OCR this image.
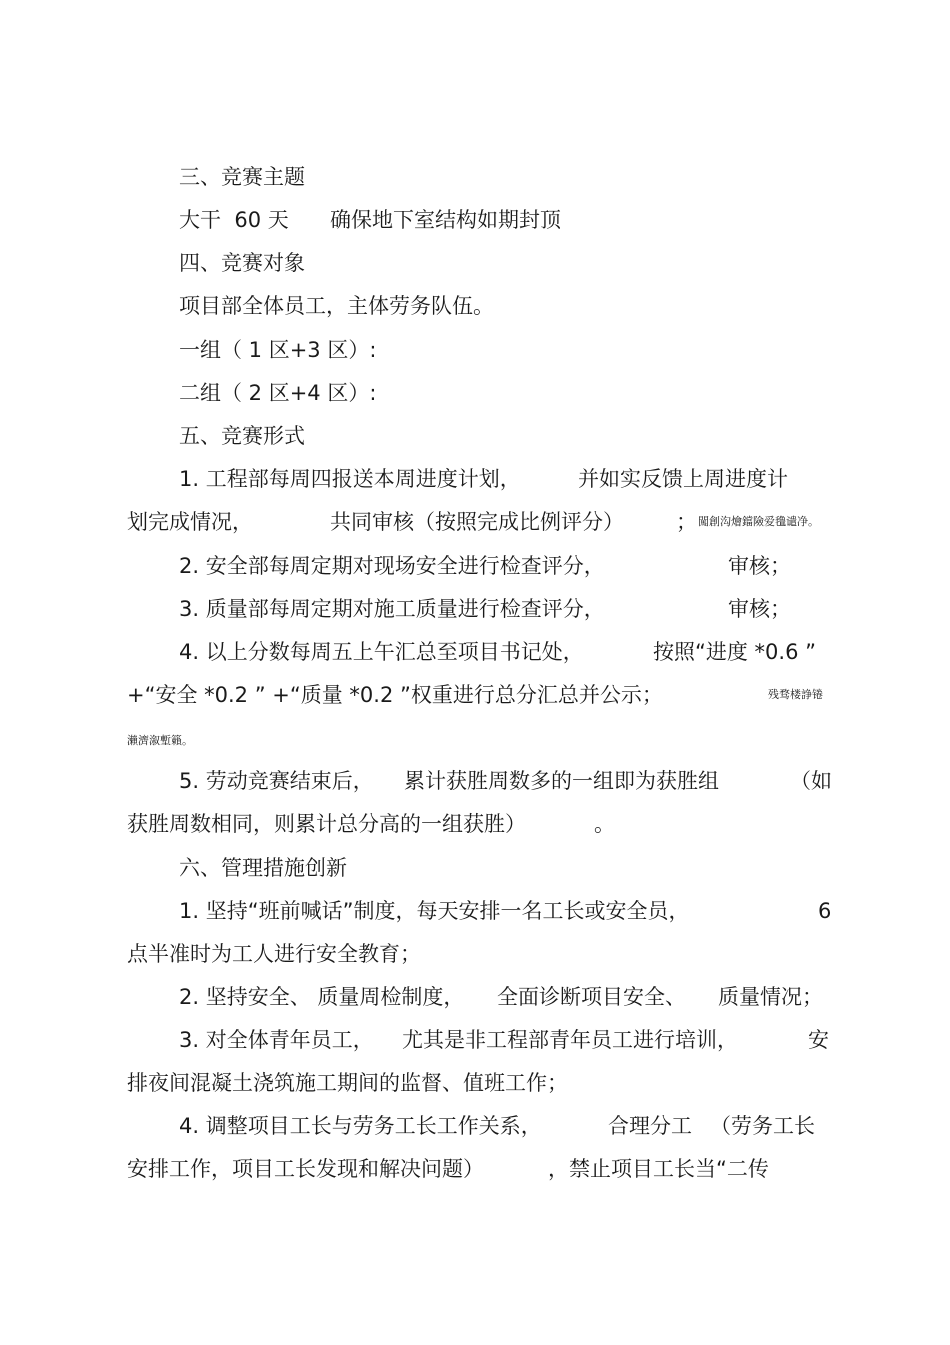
三、竞赛主题

大干  60 天

确保地下室结构如期封顶

四、竞赛对象

项目部全体员工，主体劳务队伍。

一组（ 1 区+3 区）:

二组（ 2 区+4 区）:

五、竞赛形式

1. 工程部每周四报送本周进度计划，

	并如实反馈上周进度计

划完成情况，

	共同审核（按照完成比例评分）

；

闖創沟燴鐺險爱氇谴净。

2. 安全部每周定期对现场安全进行检查评分，

	审核；

3. 质量部每周定期对施工质量进行检查评分，

	审核；

4. 以上分数每周五上午汇总至项目书记处，

	按照“进度 *0.6 ”

+“安全 *0.2 ” +“质量 *0.2 ”权重进行总分汇总并公示；

	残骛楼諍锩

瀨濟溆塹籟。

5. 劳动竞赛结束后，

累计获胜周数多的一组即为获胜组

	（如

获胜周数相同，则累计总分高的一组获胜）

	。

六、管理措施创新

1. 坚持“班前喊话”制度，每天安排一名工长或安全员，

	6

点半准时为工人进行安全教育；

2. 坚持安全、 质量周检制度，

全面诊断项目安全、

质量情况；

3. 对全体青年员工，

尤其是非工程部青年员工进行培训，

	安

排夜间混凝土浇筑施工期间的监督、值班工作；

4. 调整项目工长与劳务工长工作关系，

	合理分工

（劳务工长

安排工作，项目工长发现和解决问题）

	，禁止项目工长当“二传
